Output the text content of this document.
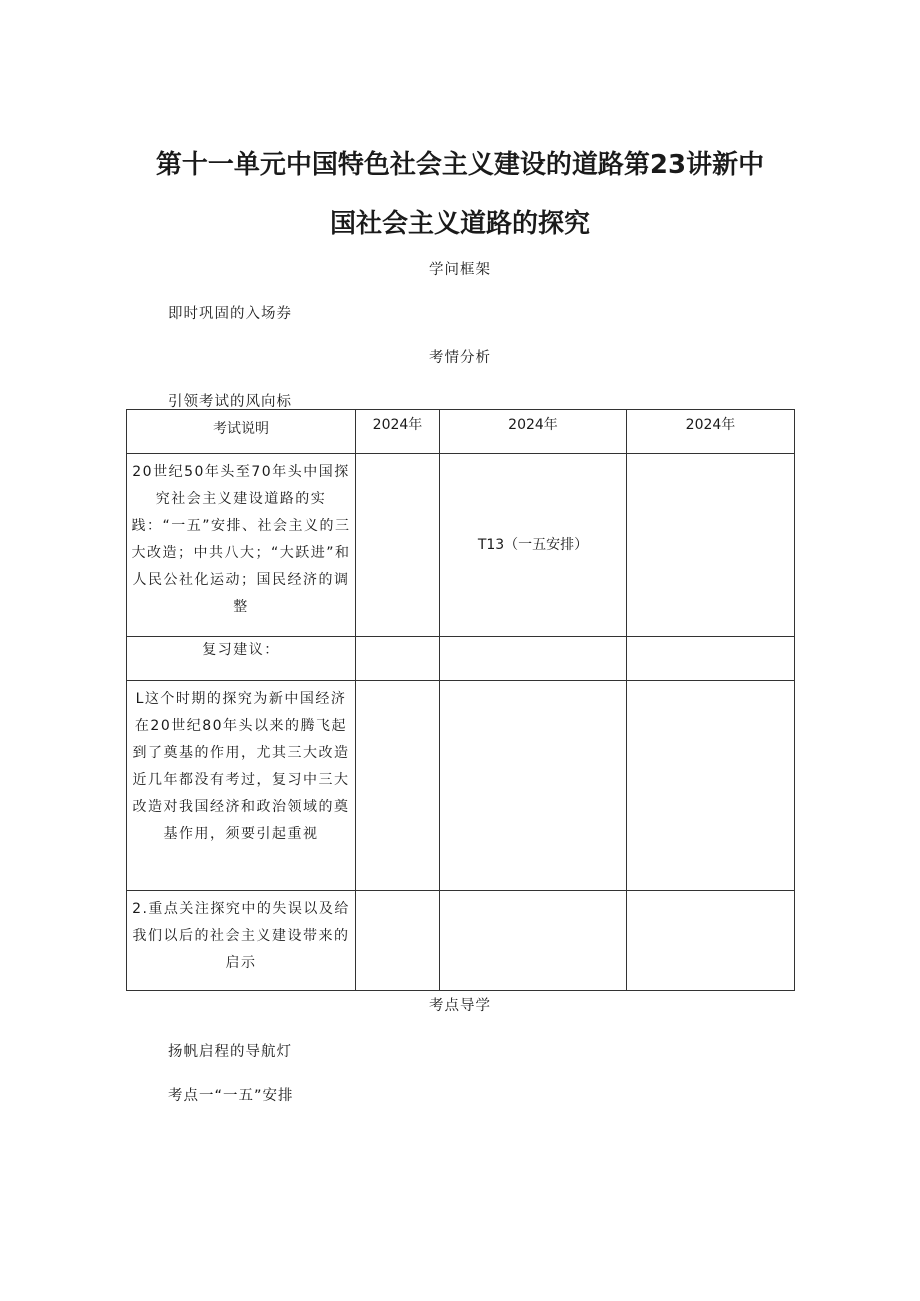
第十一单元中国特色社会主义建设的道路第23讲新中
国社会主义道路的探究

学问框架

即时巩固的入场券

考情分析

引领考试的风向标

考试说明	2024年	2024年	2024年
20世纪50年头至70年头中国探究社会主义建设道路的实践：“一五”安排、社会主义的三大改造；中共八大；“大跃进”和人民公社化运动；国民经济的调整		T13（一五安排）	
复习建议：			
L这个时期的探究为新中国经济在20世纪80年头以来的腾飞起到了奠基的作用，尤其三大改造近几年都没有考过，复习中三大改造对我国经济和政治领域的奠基作用，须要引起重视			
2.重点关注探究中的失误以及给我们以后的社会主义建设带来的启示			

考点导学

扬帆启程的导航灯

考点一“一五”安排
